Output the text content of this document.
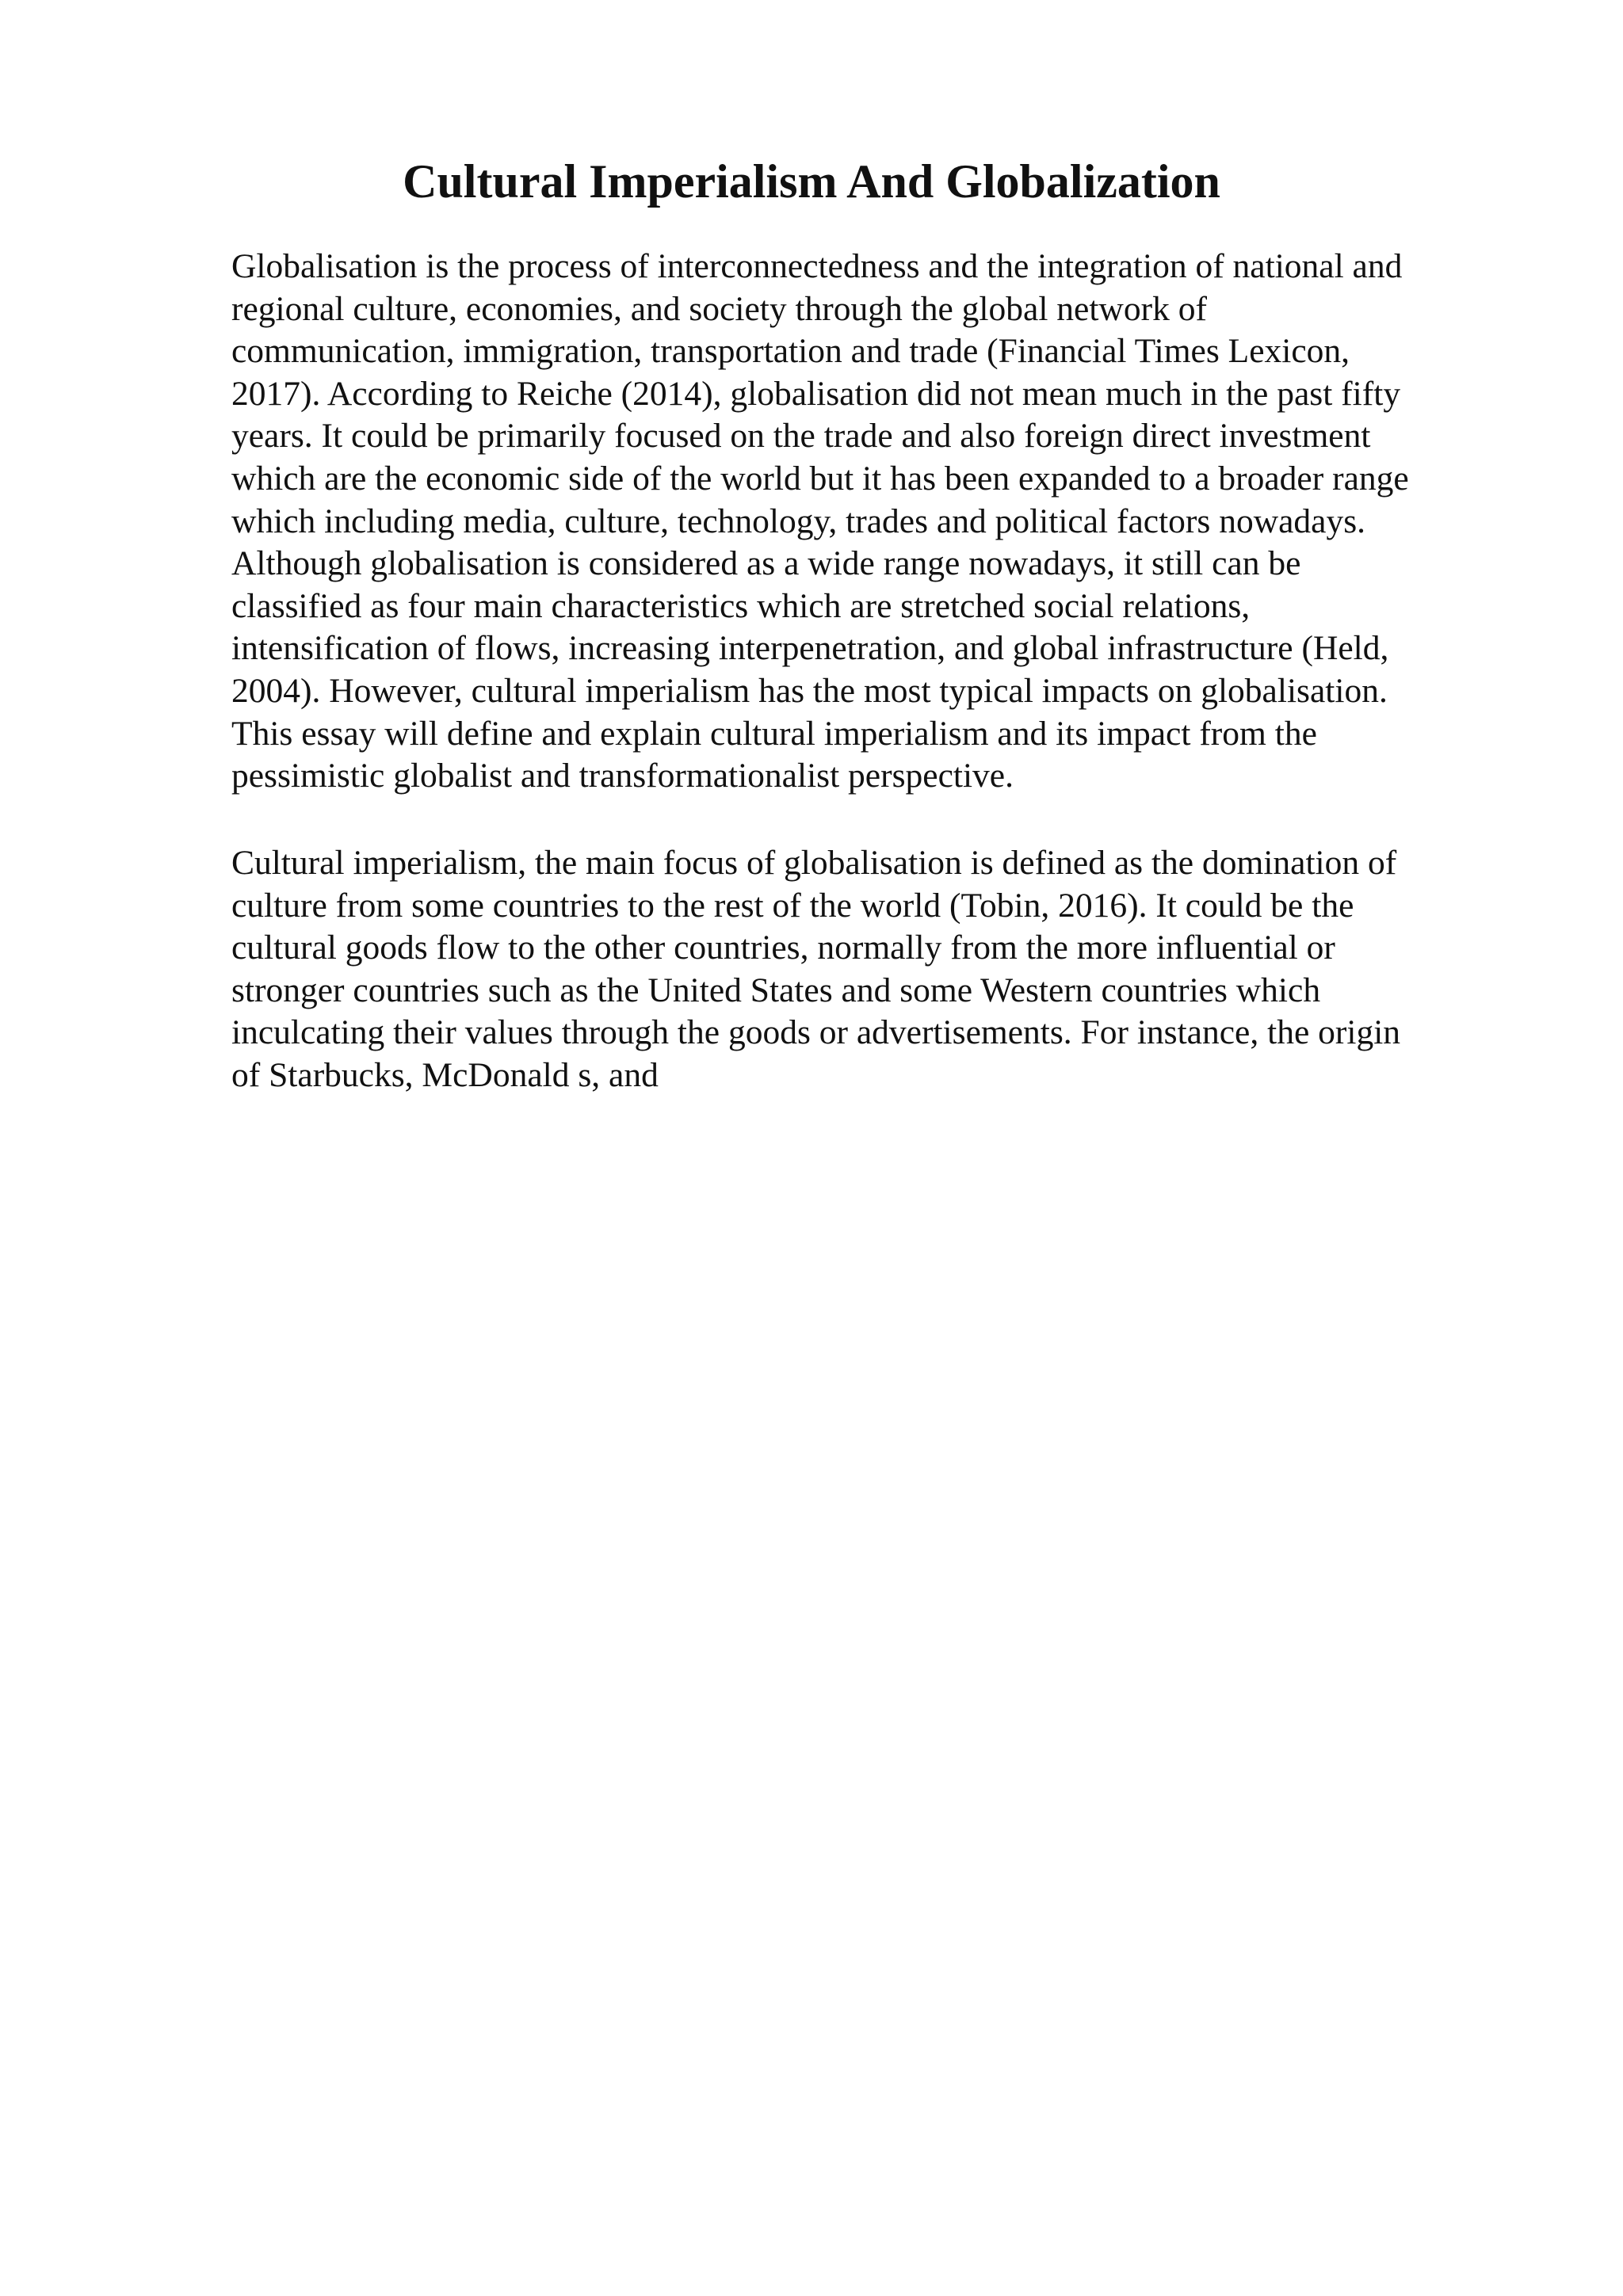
Cultural Imperialism And Globalization

Globalisation is the process of interconnectedness and the integration of national and
regional culture, economies, and society through the global network of
communication, immigration, transportation and trade (Financial Times Lexicon,
2017). According to Reiche (2014), globalisation did not mean much in the past fifty
years. It could be primarily focused on the trade and also foreign direct investment
which are the economic side of the world but it has been expanded to a broader range
which including media, culture, technology, trades and political factors nowadays.
Although globalisation is considered as a wide range nowadays, it still can be
classified as four main characteristics which are stretched social relations,
intensification of flows, increasing interpenetration, and global infrastructure (Held,
2004). However, cultural imperialism has the most typical impacts on globalisation.
This essay will define and explain cultural imperialism and its impact from the
pessimistic globalist and transformationalist perspective.

Cultural imperialism, the main focus of globalisation is defined as the domination of
culture from some countries to the rest of the world (Tobin, 2016). It could be the
cultural goods flow to the other countries, normally from the more influential or
stronger countries such as the United States and some Western countries which
inculcating their values through the goods or advertisements. For instance, the origin
of Starbucks, McDonald s, and
